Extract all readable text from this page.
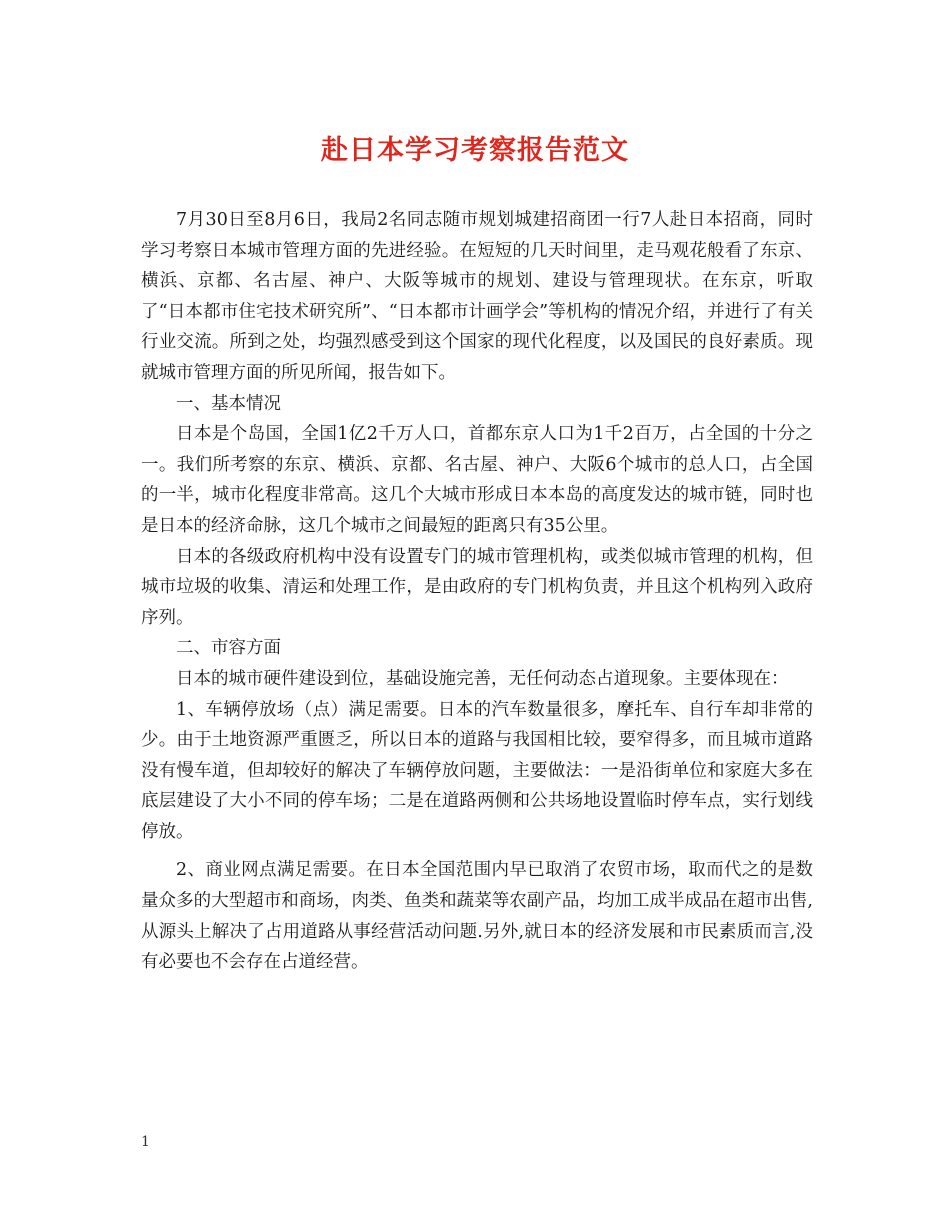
赴日本学习考察报告范文

7月30日至8月6日，我局2名同志随市规划城建招商团一行7人赴日本招商，同时学习考察日本城市管理方面的先进经验。在短短的几天时间里，走马观花般看了东京、横浜、京都、名古屋、神户、大阪等城市的规划、建设与管理现状。在东京，听取了“日本都市住宅技术研究所”、“日本都市计画学会”等机构的情况介绍，并进行了有关行业交流。所到之处，均强烈感受到这个国家的现代化程度，以及国民的良好素质。现就城市管理方面的所见所闻，报告如下。

一、基本情况

日本是个岛国，全国1亿2千万人口，首都东京人口为1千2百万，占全国的十分之一。我们所考察的东京、横浜、京都、名古屋、神户、大阪6个城市的总人口，占全国的一半，城市化程度非常高。这几个大城市形成日本本岛的高度发达的城市链，同时也是日本的经济命脉，这几个城市之间最短的距离只有35公里。

日本的各级政府机构中没有设置专门的城市管理机构，或类似城市管理的机构，但城市垃圾的收集、清运和处理工作，是由政府的专门机构负责，并且这个机构列入政府序列。

二、市容方面

日本的城市硬件建设到位，基础设施完善，无任何动态占道现象。主要体现在：

1、车辆停放场（点）满足需要。日本的汽车数量很多，摩托车、自行车却非常的少。由于土地资源严重匮乏，所以日本的道路与我国相比较，要窄得多，而且城市道路没有慢车道，但却较好的解决了车辆停放问题，主要做法：一是沿街单位和家庭大多在底层建设了大小不同的停车场；二是在道路两侧和公共场地设置临时停车点，实行划线停放。

2、商业网点满足需要。在日本全国范围内早已取消了农贸市场，取而代之的是数量众多的大型超市和商场，肉类、鱼类和蔬菜等农副产品，均加工成半成品在超市出售,从源头上解决了占用道路从事经营活动问题.另外,就日本的经济发展和市民素质而言,没有必要也不会存在占道经营。

1
